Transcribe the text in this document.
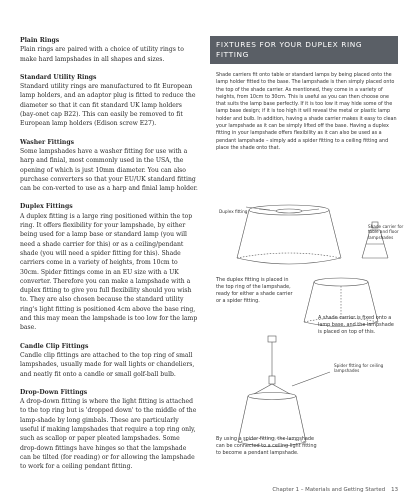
Plain Rings

Plain rings are paired with a choice of utility rings to make hard lampshades in all shapes and sizes.

Standard Utility Rings

Standard utility rings are manufactured to fit European lamp holders, and an adaptor plug is fitted to reduce the diameter so that it can fit standard UK lamp holders (bay-onet cap B22). This can easily be removed to fit European lamp holders (Edison screw E27).

Washer Fittings

Some lampshades have a washer fitting for use with a harp and finial, most commonly used in the USA, the opening of which is just 10mm diameter. You can also purchase converters so that your EU/UK standard fitting can be con-verted to use as a harp and finial lamp holder.

Duplex Fittings

A duplex fitting is a large ring positioned within the top ring. It offers flexibility for your lampshade, by either being used for a lamp base or standard lamp (you will need a shade carrier for this) or as a ceiling/pendant shade (you will need a spider fitting for this). Shade carriers come in a variety of heights, from 10cm to 30cm. Spider fittings come in an EU size with a UK converter. Therefore you can make a lampshade with a duplex fitting to give you full flexibility should you wish to. They are also chosen because the standard utility ring's light fitting is positioned 4cm above the base ring, and this may mean the lampshade is too low for the lamp base.

Candle Clip Fittings

Candle clip fittings are attached to the top ring of small lampshades, usually made for wall lights or chandeliers, and neatly fit onto a candle or small golf-ball bulb.

Drop-Down Fittings

A drop-down fitting is where the light fitting is attached to the top ring but is 'dropped down' to the middle of the lamp-shade by long gimbals. These are particularly useful if making lampshades that require a top ring only, such as scallop or paper pleated lampshades. Some drop-down fittings have hinges so that the lampshade can be tilted (for reading) or for allowing the lampshade to work for a ceiling pendant fitting.

FIXTURES FOR YOUR DUPLEX RING FITTING
Shade carriers fit onto table or standard lamps by being placed onto the lamp holder fitted to the base. The lampshade is then simply placed onto the top of the shade carrier. As mentioned, they come in a variety of heights, from 10cm to 30cm. This is useful as you can then choose one that suits the lamp base perfectly. If it is too low it may hide some of the lamp base design; if it is too high it will reveal the metal or plastic lamp holder and bulb. In addition, having a shade carrier makes it easy to clean your lampshade as it can be simply lifted off the base. Having a duplex fitting in your lampshade offers flexibility as it can also be used as a pendant lampshade – simply add a spider fitting to a ceiling fitting and place the shade onto that.
Duplex fitting
Shade carrier for table and floor lampshades
Spider fitting for ceiling lampshades
The duplex fitting is placed in the top ring of the lampshade, ready for either a shade carrier or a spider fitting.
A shade carrier is fixed onto a lamp base, and the lampshade is placed on top of this.
By using a spider fitting, the lampshade can be connected to a ceiling light fitting to become a pendant lampshade.
Chapter 1 – Materials and Getting Started 13
